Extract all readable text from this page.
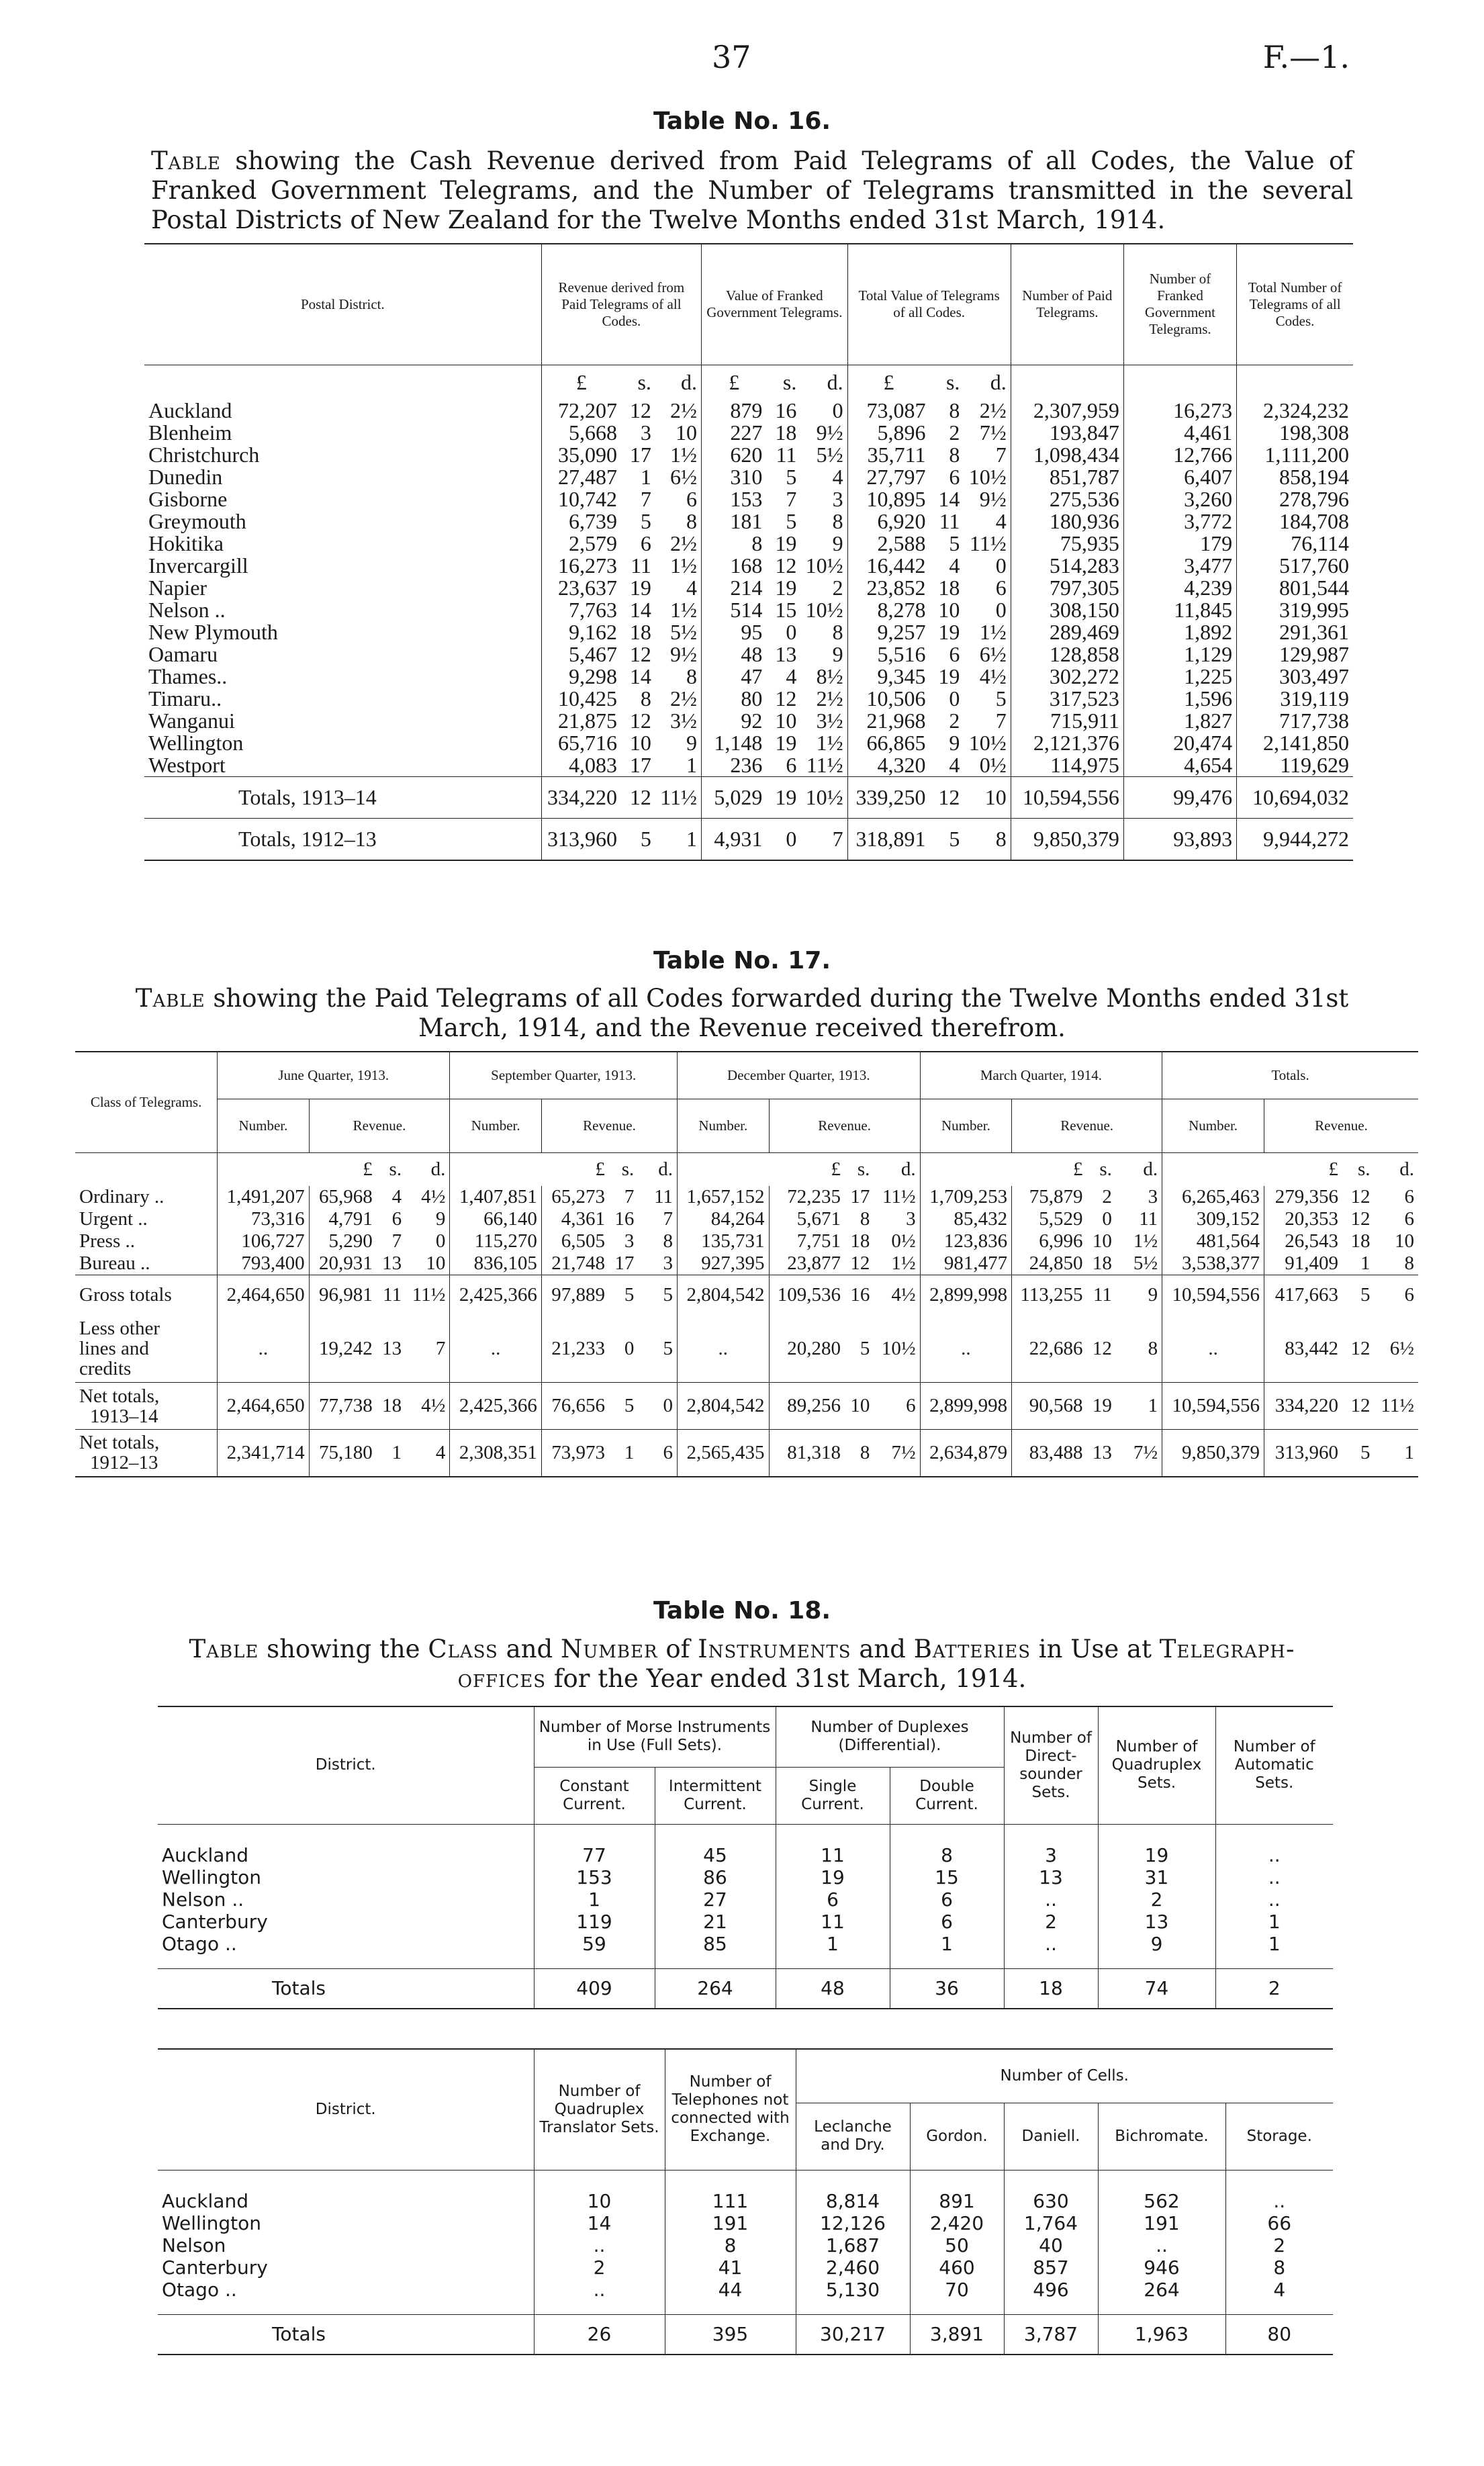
37	F.—1.
Table No. 16.
Table showing the Cash Revenue derived from Paid Telegrams of all Codes, the Value of Franked Government Telegrams, and the Number of Telegrams transmitted in the several Postal Districts of New Zealand for the Twelve Months ended 31st March, 1914.
Postal District.	Revenue derived from Paid Telegrams of all Codes.			Value of Franked Government Telegrams.			Total Value of Telegrams of all Codes.			Number of Paid Telegrams.	Number of Franked Government Telegrams.	Total Number of Telegrams of all Codes.
	£	s.	d.	£	s.	d.	£	s.	d.			
Auckland	72,207	12	2½	879	16	0	73,087	8	2½	2,307,959	16,273	2,324,232
Blenheim	5,668	3	10	227	18	9½	5,896	2	7½	193,847	4,461	198,308
Christchurch	35,090	17	1½	620	11	5½	35,711	8	7	1,098,434	12,766	1,111,200
Dunedin	27,487	1	6½	310	5	4	27,797	6	10½	851,787	6,407	858,194
Gisborne	10,742	7	6	153	7	3	10,895	14	9½	275,536	3,260	278,796
Greymouth	6,739	5	8	181	5	8	6,920	11	4	180,936	3,772	184,708
Hokitika	2,579	6	2½	8	19	9	2,588	5	11½	75,935	179	76,114
Invercargill	16,273	11	1½	168	12	10½	16,442	4	0	514,283	3,477	517,760
Napier	23,637	19	4	214	19	2	23,852	18	6	797,305	4,239	801,544
Nelson ..	7,763	14	1½	514	15	10½	8,278	10	0	308,150	11,845	319,995
New Plymouth	9,162	18	5½	95	0	8	9,257	19	1½	289,469	1,892	291,361
Oamaru	5,467	12	9½	48	13	9	5,516	6	6½	128,858	1,129	129,987
Thames..	9,298	14	8	47	4	8½	9,345	19	4½	302,272	1,225	303,497
Timaru..	10,425	8	2½	80	12	2½	10,506	0	5	317,523	1,596	319,119
Wanganui	21,875	12	3½	92	10	3½	21,968	2	7	715,911	1,827	717,738
Wellington	65,716	10	9	1,148	19	1½	66,865	9	10½	2,121,376	20,474	2,141,850
Westport	4,083	17	1	236	6	11½	4,320	4	0½	114,975	4,654	119,629
Totals, 1913–14	334,220	12	11½	5,029	19	10½	339,250	12	10	10,594,556	99,476	10,694,032
Totals, 1912–13	313,960	5	1	4,931	0	7	318,891	5	8	9,850,379	93,893	9,944,272
Table No. 17.
Table showing the Paid Telegrams of all Codes forwarded during the Twelve Months ended 31st March, 1914, and the Revenue received therefrom.
Class of Telegrams.	June Quarter, 1913.				September Quarter, 1913.				December Quarter, 1913.				March Quarter, 1914.				Totals.			
	Number.	Revenue.			Number.	Revenue.			Number.	Revenue.			Number.	Revenue.			Number.	Revenue.		
		£	s.	d.		£	s.	d.		£	s.	d.		£	s.	d.		£	s.	d.
Ordinary ..	1,491,207	65,968	4	4½	1,407,851	65,273	7	11	1,657,152	72,235	17	11½	1,709,253	75,879	2	3	6,265,463	279,356	12	6
Urgent ..	73,316	4,791	6	9	66,140	4,361	16	7	84,264	5,671	8	3	85,432	5,529	0	11	309,152	20,353	12	6
Press ..	106,727	5,290	7	0	115,270	6,505	3	8	135,731	7,751	18	0½	123,836	6,996	10	1½	481,564	26,543	18	10
Bureau ..	793,400	20,931	13	10	836,105	21,748	17	3	927,395	23,877	12	1½	981,477	24,850	18	5½	3,538,377	91,409	1	8
Gross totals	2,464,650	96,981	11	11½	2,425,366	97,889	5	5	2,804,542	109,536	16	4½	2,899,998	113,255	11	9	10,594,556	417,663	5	6

Less other
lines and
credits	..	19,242	13	7	..	21,233	0	5	..	20,280	5	10½	..	22,686	12	8	..	83,442	12	6½

Net totals,
1913–14	2,464,650	77,738	18	4½	2,425,366	76,656	5	0	2,804,542	89,256	10	6	2,899,998	90,568	19	1	10,594,556	334,220	12	11½

Net totals,
1912–13	2,341,714	75,180	1	4	2,308,351	73,973	1	6	2,565,435	81,318	8	7½	2,634,879	83,488	13	7½	9,850,379	313,960	5	1
Table No. 18.
Table showing the Class and Number of Instruments and Batteries in Use at Telegraph-offices for the Year ended 31st March, 1914.
District.	Number of Morse Instruments in Use (Full Sets).		Number of Duplexes (Differential).		Number of Direct-sounder Sets.	Number of Quadruplex Sets.	Number of Automatic Sets.
	Constant Current.	Intermittent Current.	Single Current.	Double Current.			

Auckland	77	45	11	8	3	19	..
Wellington	153	86	19	15	13	31	..
Nelson ..	1	27	6	6	..	2	..
Canterbury	119	21	11	6	2	13	1
Otago ..	59	85	1	1	..	9	1

Totals	409	264	48	36	18	74	2
District.	Number of Quadruplex Translator Sets.	Number of Telephones not connected with Exchange.	Number of Cells.				
			Leclanche and Dry.	Gordon.	Daniell.	Bichromate.	Storage.

Auckland	10	111	8,814	891	630	562	..
Wellington	14	191	12,126	2,420	1,764	191	66
Nelson	..	8	1,687	50	40	..	2
Canterbury	2	41	2,460	460	857	946	8
Otago ..	..	44	5,130	70	496	264	4

Totals	26	395	30,217	3,891	3,787	1,963	80
